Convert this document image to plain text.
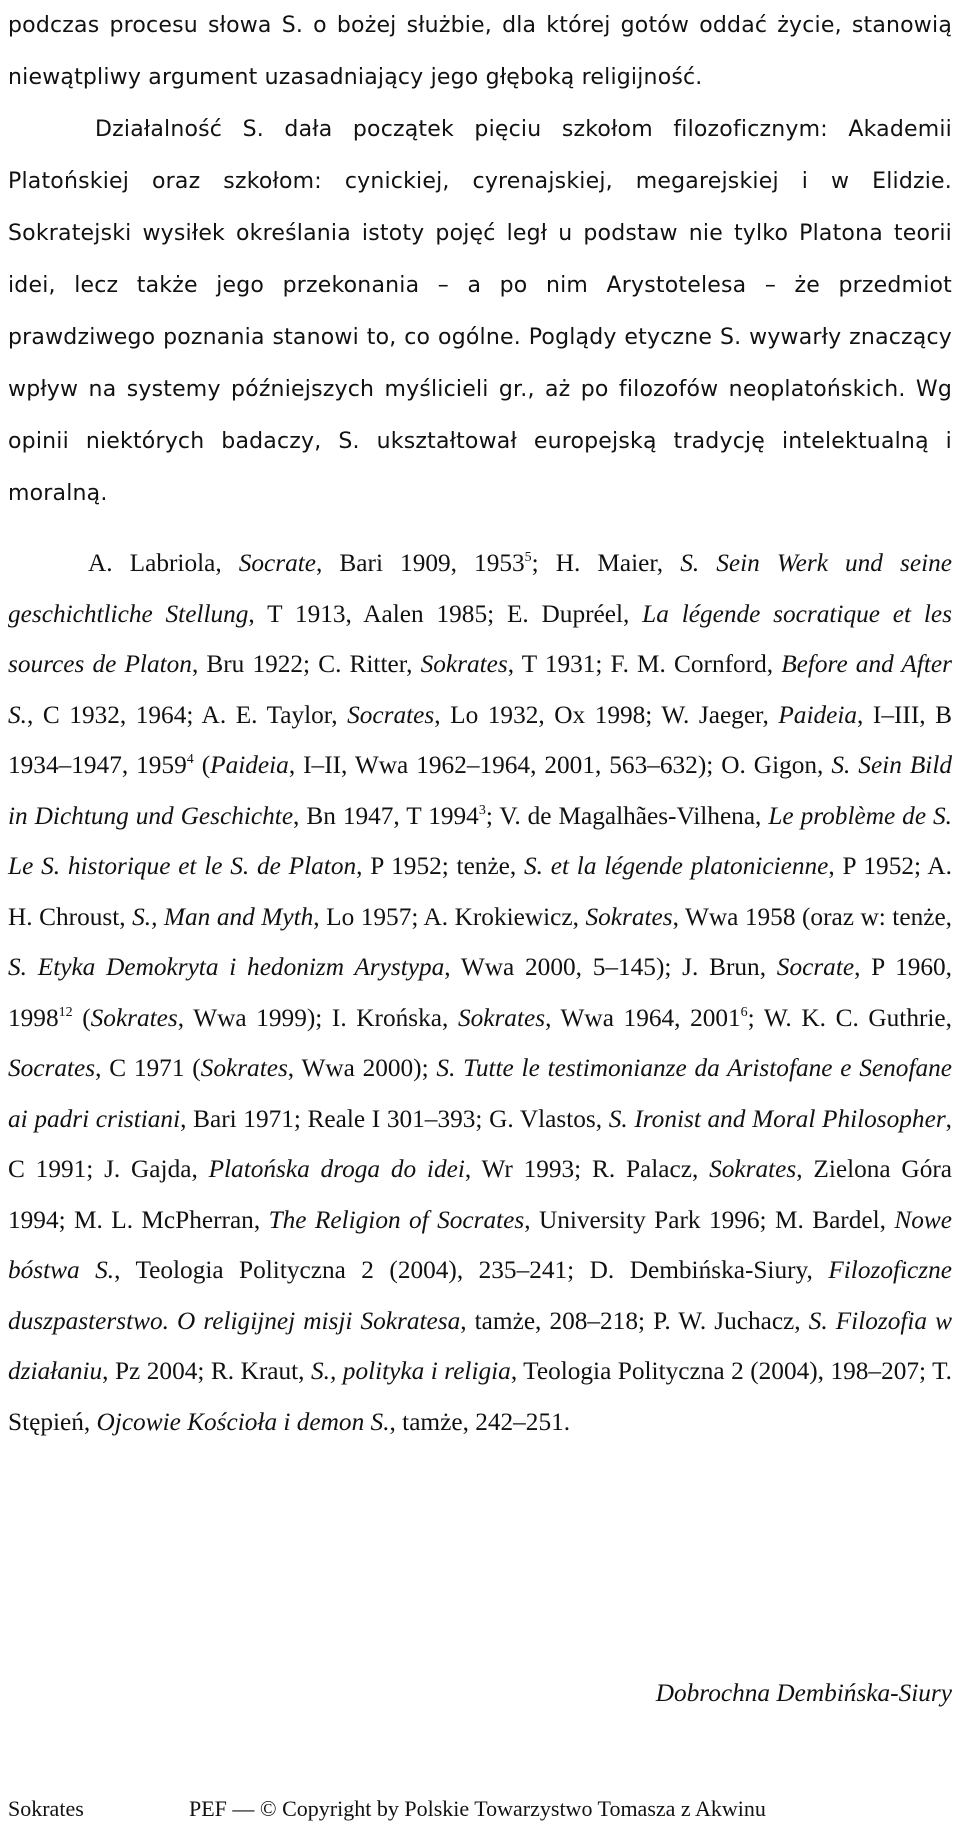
podczas procesu słowa S. o bożej służbie, dla której gotów oddać życie, stanowią niewątpliwy argument uzasadniający jego głęboką religijność.
Działalność S. dała początek pięciu szkołom filozoficznym: Akademii Platońskiej oraz szkołom: cynickiej, cyrenajskiej, megarejskiej i w Elidzie. Sokratejski wysiłek określania istoty pojęć legł u podstaw nie tylko Platona teorii idei, lecz także jego przekonania – a po nim Arystotelesa – że przedmiot prawdziwego poznania stanowi to, co ogólne. Poglądy etyczne S. wywarły znaczący wpływ na systemy późniejszych myślicieli gr., aż po filozofów neoplatońskich. Wg opinii niektórych badaczy, S. ukształtował europejską tradycję intelektualną i moralną.

A. Labriola, Socrate, Bari 1909, 1953$^5$; H. Maier, S. Sein Werk und seine geschichtliche Stellung, T 1913, Aalen 1985; E. Dupréel, La légende socratique et les sources de Platon, Bru 1922; C. Ritter, Sokrates, T 1931; F. M. Cornford, Before and After S., C 1932, 1964; A. E. Taylor, Socrates, Lo 1932, Ox 1998; W. Jaeger, Paideia, I–III, B 1934–1947, 1959$^4$ (Paideia, I–II, Wwa 1962–1964, 2001, 563–632); O. Gigon, S. Sein Bild in Dichtung und Geschichte, Bn 1947, T 1994$^3$; V. de Magalhães-Vilhena, Le problème de S. Le S. historique et le S. de Platon, P 1952; tenże, S. et la légende platonicienne, P 1952; A. H. Chroust, S., Man and Myth, Lo 1957; A. Krokiewicz, Sokrates, Wwa 1958 (oraz w: tenże, S. Etyka Demokryta i hedonizm Arystypa, Wwa 2000, 5–145); J. Brun, Socrate, P 1960, 1998$^{12}$ (Sokrates, Wwa 1999); I. Krońska, Sokrates, Wwa 1964, 2001$^6$; W. K. C. Guthrie, Socrates, C 1971 (Sokrates, Wwa 2000); S. Tutte le testimonianze da Aristofane e Senofane ai padri cristiani, Bari 1971; Reale I 301–393; G. Vlastos, S. Ironist and Moral Philosopher, C 1991; J. Gajda, Platońska droga do idei, Wr 1993; R. Palacz, Sokrates, Zielona Góra 1994; M. L. McPherran, The Religion of Socrates, University Park 1996; M. Bardel, Nowe bóstwa S., Teologia Polityczna 2 (2004), 235–241; D. Dembińska-Siury, Filozoficzne duszpasterstwo. O religijnej misji Sokratesa, tamże, 208–218; P. W. Juchacz, S. Filozofia w działaniu, Pz 2004; R. Kraut, S., polityka i religia, Teologia Polityczna 2 (2004), 198–207; T. Stępień, Ojcowie Kościoła i demon S., tamże, 242–251.

Dobrochna Dembińska-Siury

Sokrates	PEF — © Copyright by Polskie Towarzystwo Tomasza z Akwinu
